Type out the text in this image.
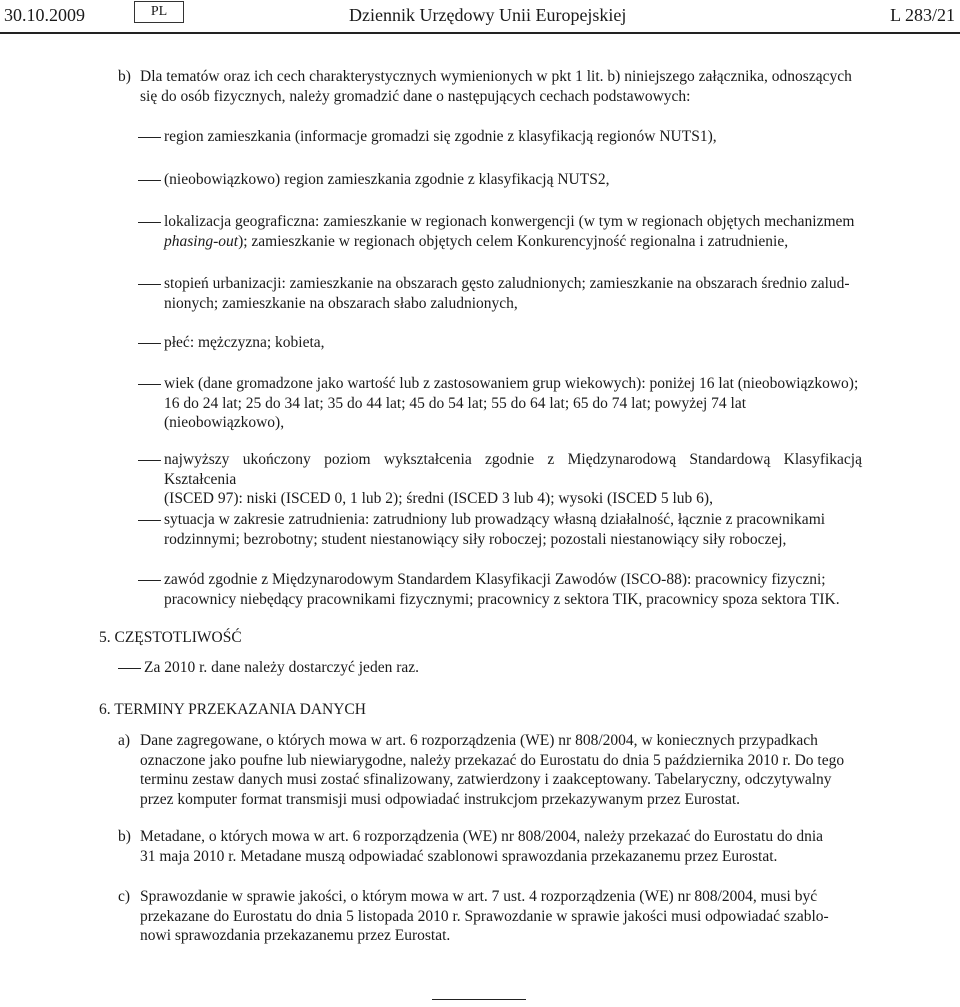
30.10.2009	PL	Dziennik Urzędowy Unii Europejskiej	L 283/21
b) Dla tematów oraz ich cech charakterystycznych wymienionych w pkt 1 lit. b) niniejszego załącznika, odnoszących
się do osób fizycznych, należy gromadzić dane o następujących cechach podstawowych:
region zamieszkania (informacje gromadzi się zgodnie z klasyfikacją regionów NUTS1),
(nieobowiązkowo) region zamieszkania zgodnie z klasyfikacją NUTS2,
lokalizacja geograficzna: zamieszkanie w regionach konwergencji (w tym w regionach objętych mechanizmem
phasing-out); zamieszkanie w regionach objętych celem Konkurencyjność regionalna i zatrudnienie,
stopień urbanizacji: zamieszkanie na obszarach gęsto zaludnionych; zamieszkanie na obszarach średnio zalud-
nionych; zamieszkanie na obszarach słabo zaludnionych,
płeć: mężczyzna; kobieta,
wiek (dane gromadzone jako wartość lub z zastosowaniem grup wiekowych): poniżej 16 lat (nieobowiązkowo);
16 do 24 lat; 25 do 34 lat; 35 do 44 lat; 45 do 54 lat; 55 do 64 lat; 65 do 74 lat; powyżej 74 lat
(nieobowiązkowo),
najwyższy ukończony poziom wykształcenia zgodnie z Międzynarodową Standardową Klasyfikacją Kształcenia
(ISCED 97): niski (ISCED 0, 1 lub 2); średni (ISCED 3 lub 4); wysoki (ISCED 5 lub 6),
sytuacja w zakresie zatrudnienia: zatrudniony lub prowadzący własną działalność, łącznie z pracownikami
rodzinnymi; bezrobotny; student niestanowiący siły roboczej; pozostali niestanowiący siły roboczej,
zawód zgodnie z Międzynarodowym Standardem Klasyfikacji Zawodów (ISCO-88): pracownicy fizyczni;
pracownicy niebędący pracownikami fizycznymi; pracownicy z sektora TIK, pracownicy spoza sektora TIK.
5. CZĘSTOTLIWOŚĆ
Za 2010 r. dane należy dostarczyć jeden raz.
6. TERMINY PRZEKAZANIA DANYCH
a) Dane zagregowane, o których mowa w art. 6 rozporządzenia (WE) nr 808/2004, w koniecznych przypadkach
oznaczone jako poufne lub niewiarygodne, należy przekazać do Eurostatu do dnia 5 października 2010 r. Do tego
terminu zestaw danych musi zostać sfinalizowany, zatwierdzony i zaakceptowany. Tabelaryczny, odczytywalny
przez komputer format transmisji musi odpowiadać instrukcjom przekazywanym przez Eurostat.
b) Metadane, o których mowa w art. 6 rozporządzenia (WE) nr 808/2004, należy przekazać do Eurostatu do dnia
31 maja 2010 r. Metadane muszą odpowiadać szablonowi sprawozdania przekazanemu przez Eurostat.
c) Sprawozdanie w sprawie jakości, o którym mowa w art. 7 ust. 4 rozporządzenia (WE) nr 808/2004, musi być
przekazane do Eurostatu do dnia 5 listopada 2010 r. Sprawozdanie w sprawie jakości musi odpowiadać szablo-
nowi sprawozdania przekazanemu przez Eurostat.
